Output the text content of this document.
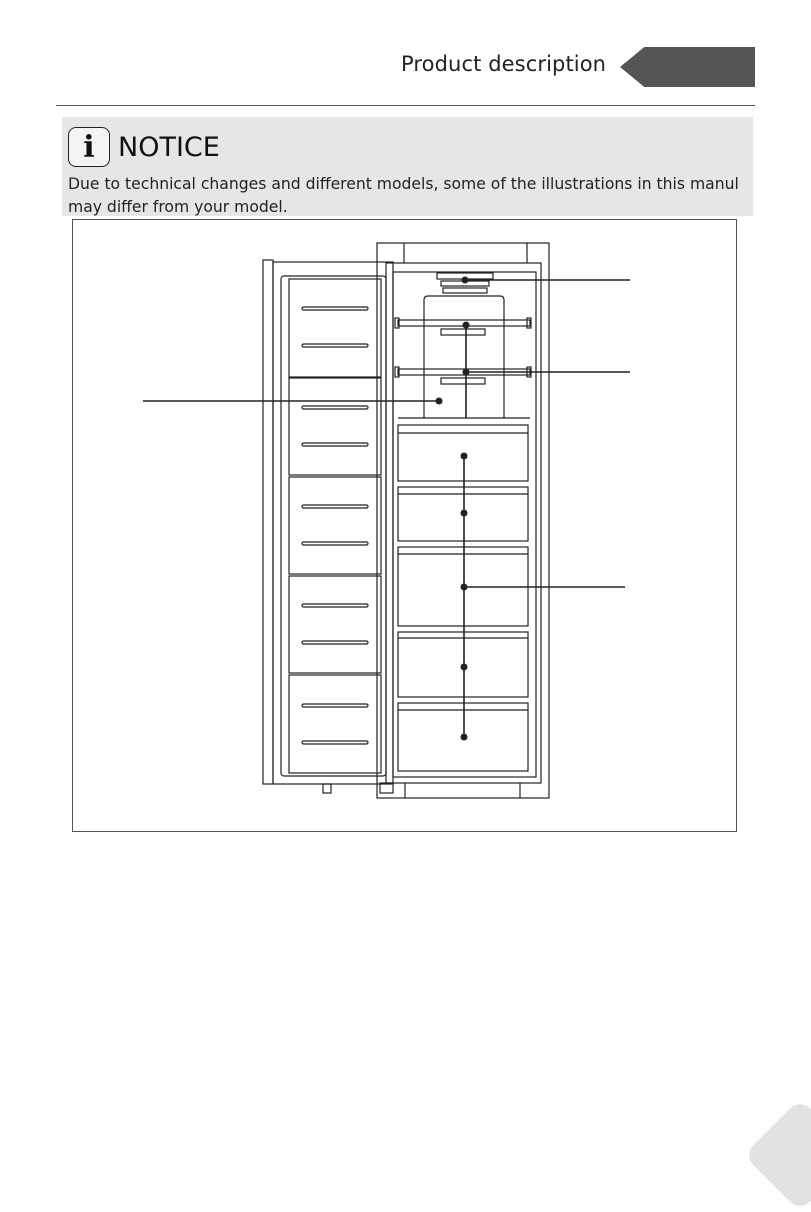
Product description
i NOTICE
Due to technical changes and different models, some of the illustrations in this manul may differ from your model.
